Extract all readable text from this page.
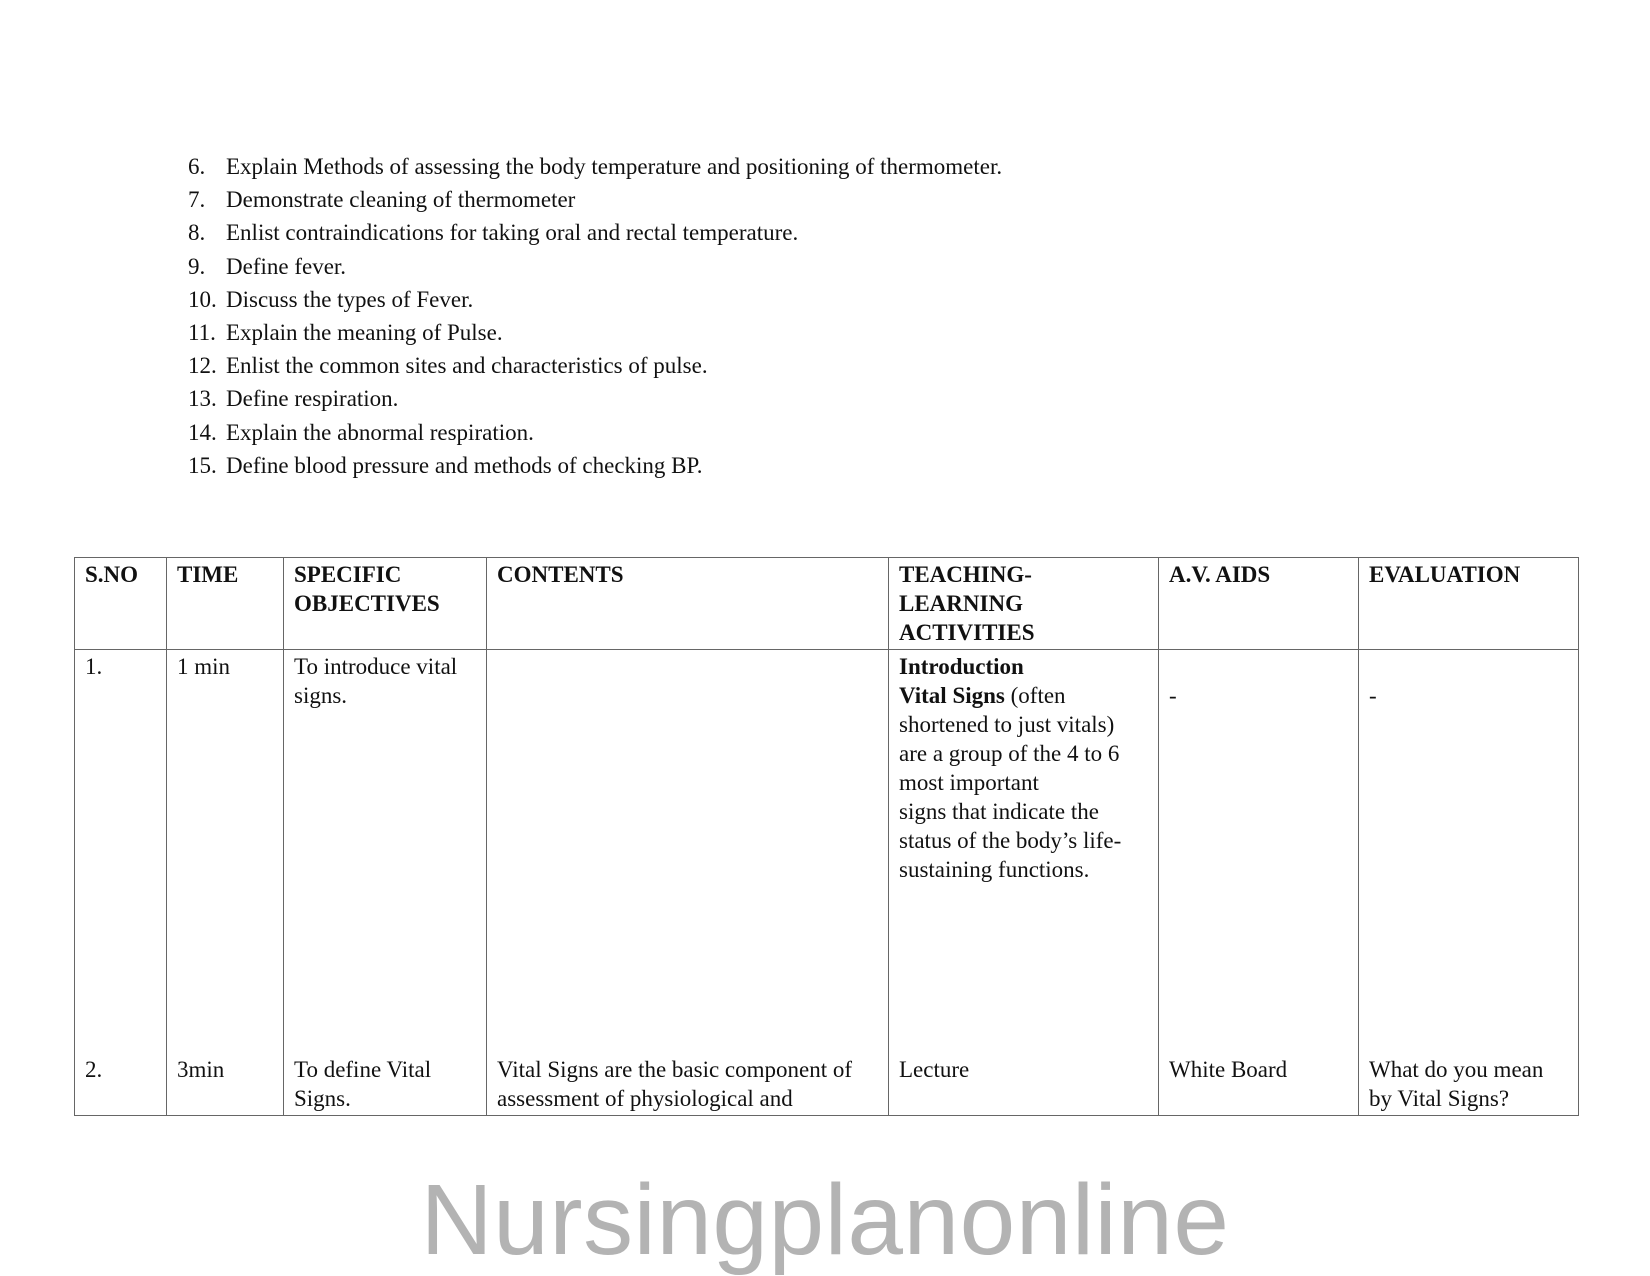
6. Explain Methods of assessing the body temperature and positioning of thermometer.
7. Demonstrate cleaning of thermometer
8. Enlist contraindications for taking oral and rectal temperature.
9. Define fever.
10. Discuss the types of Fever.
11. Explain the meaning of Pulse.
12. Enlist the common sites and characteristics of pulse.
13. Define respiration.
14. Explain the abnormal respiration.
15. Define blood pressure and methods of checking BP.
S.NO	TIME	SPECIFIC OBJECTIVES	CONTENTS	TEACHING-LEARNING ACTIVITIES	A.V. AIDS	EVALUATION
1.	1 min	To introduce vital signs.		Introduction
Vital Signs (often shortened to just vitals) are a group of the 4 to 6 most important
signs that indicate the status of the body’s life-sustaining functions.	-	-

2.	3min	To define Vital Signs.	Vital Signs are the basic component of assessment of physiological and	Lecture	White Board	What do you mean by Vital Signs?
Nursingplanonline
